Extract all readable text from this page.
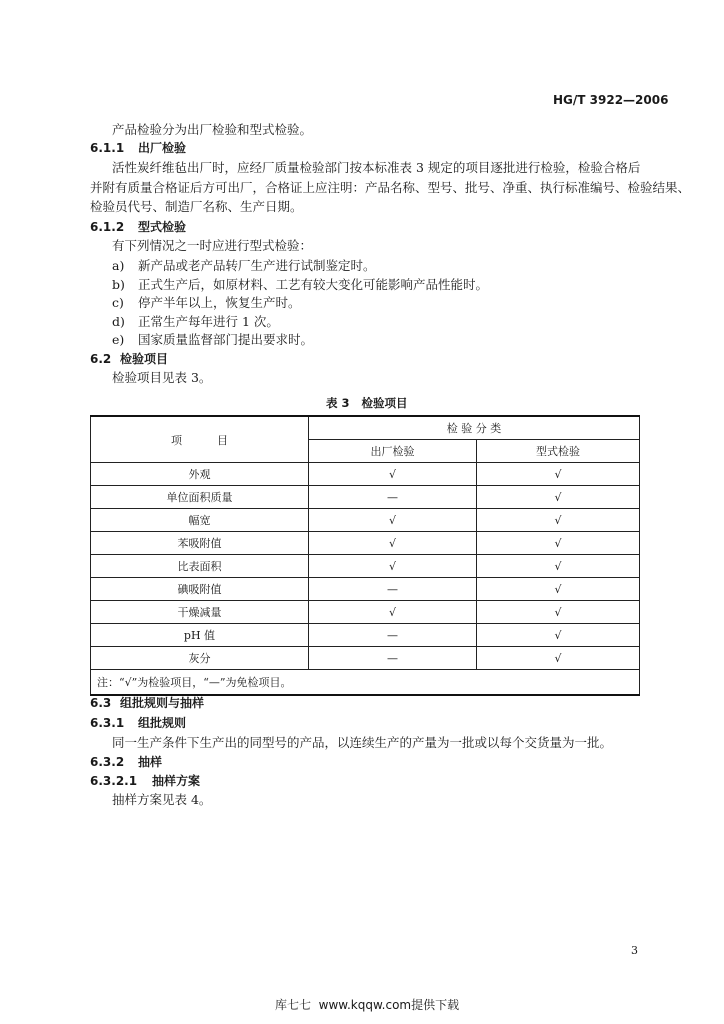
HG/T 3922—2006
产品检验分为出厂检验和型式检验。
6.1.1 出厂检验
活性炭纤维毡出厂时，应经厂质量检验部门按本标准表 3 规定的项目逐批进行检验，检验合格后
并附有质量合格证后方可出厂，合格证上应注明：产品名称、型号、批号、净重、执行标准编号、检验结果、
检验员代号、制造厂名称、生产日期。
6.1.2 型式检验
有下列情况之一时应进行型式检验：
a) 新产品或老产品转厂生产进行试制鉴定时。
b) 正式生产后，如原材料、工艺有较大变化可能影响产品性能时。
c) 停产半年以上，恢复生产时。
d) 正常生产每年进行 1 次。
e) 国家质量监督部门提出要求时。
6.2 检验项目
检验项目见表 3。
表 3   检验项目
项          目	检 验 分 类	
	出厂检验	型式检验
外观	√	√
单位面积质量	—	√
幅宽	√	√
苯吸附值	√	√
比表面积	√	√
碘吸附值	—	√
干燥减量	√	√
pH 值	—	√
灰分	—	√
注：“√”为检验项目，“—”为免检项目。		
6.3 组批规则与抽样
6.3.1 组批规则
同一生产条件下生产出的同型号的产品，以连续生产的产量为一批或以每个交货量为一批。
6.3.2 抽样
6.3.2.1 抽样方案
抽样方案见表 4。
3
库七七  www.kqqw.com提供下载
